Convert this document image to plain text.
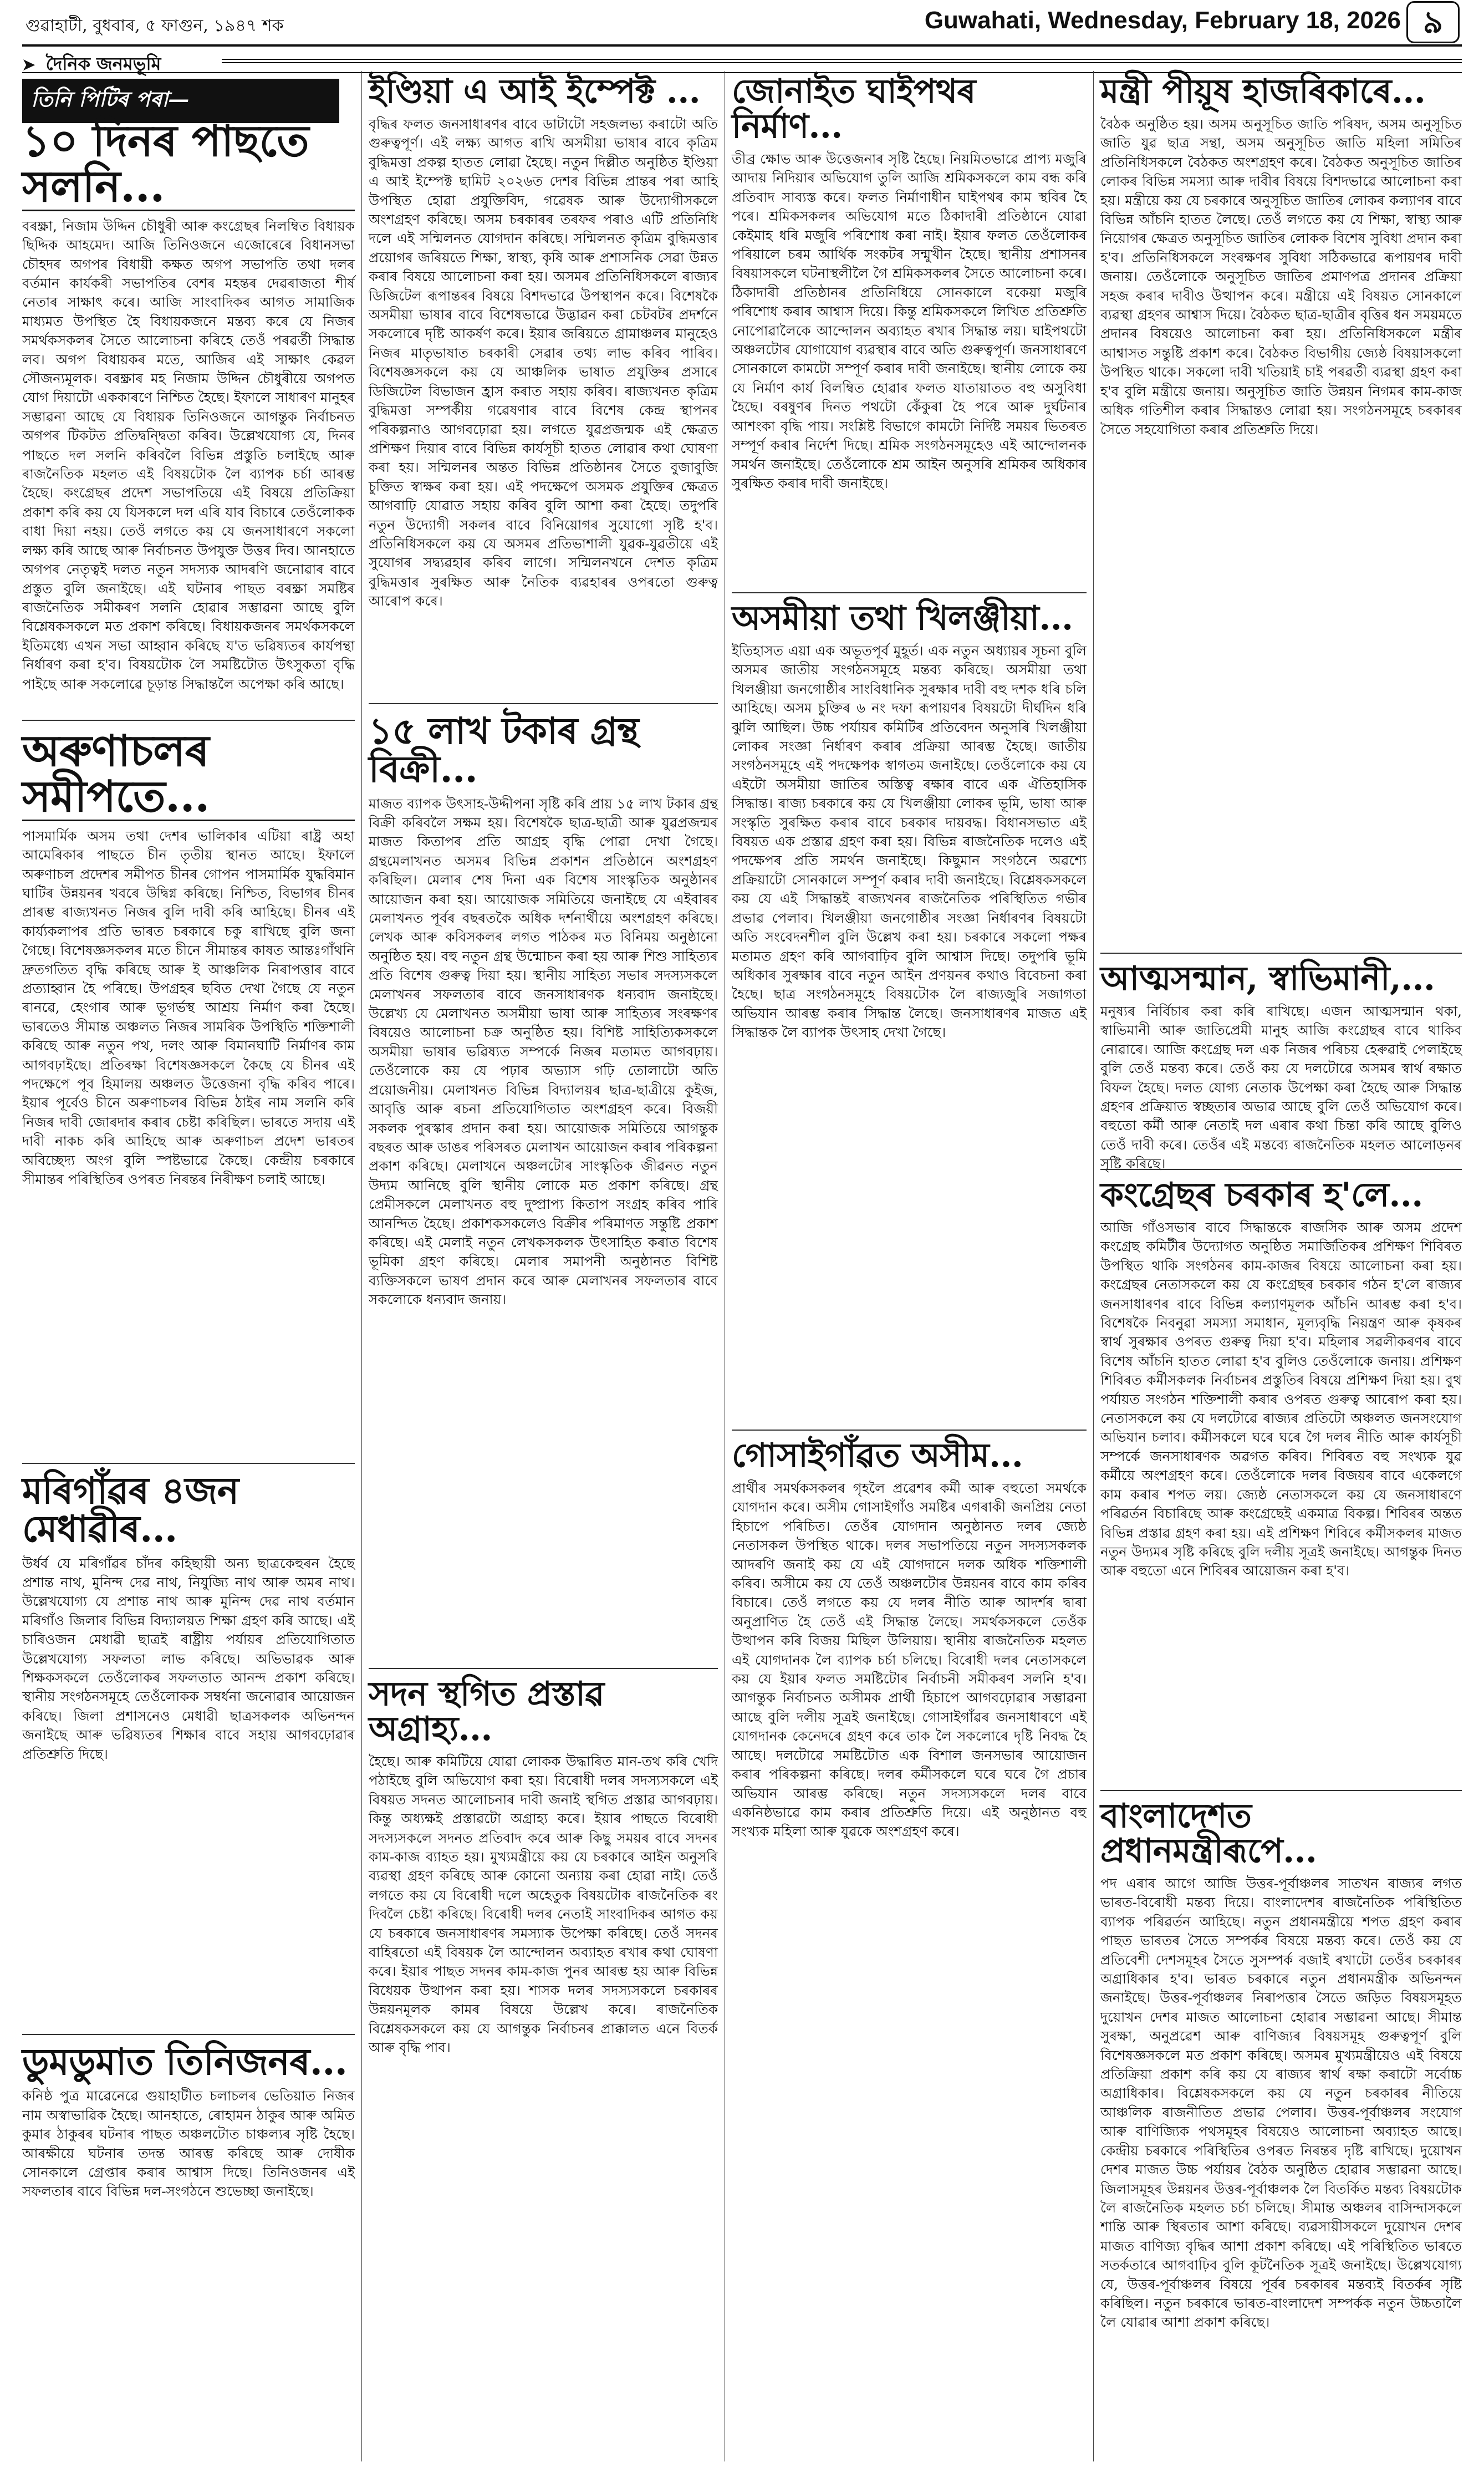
গুৱাহাটী, বুধবাৰ, ৫ ফাগুন, ১৯৪৭ শক	Guwahati, Wednesday, February 18, 2026 ৯
➤ দৈনিক জনমভূমি
তিনি পিটিৰ পৰা—
১০ দিনৰ পাছতে সলনি...
বৰক্ষ্ৰা, নিজাম উদ্দিন চৌধুৰী আৰু কংগ্ৰেছৰ নিলম্বিত বিধায়ক ছিদ্দিক আহমেদ। আজি তিনিওজনে এজোৰেৰে বিধানসভা চৌহদৰ অগপৰ বিধায়ী কক্ষত অগপ সভাপতি তথা দলৰ বৰ্তমান কাৰ্যকৰী সভাপতিৰ বেশৰ মহন্তৰ দেৱৰাজতা শীৰ্ষ নেতাৰ সাক্ষাৎ কৰে। আজি সাংবাদিকৰ আগত সামাজিক মাধ্যমত উপস্থিত হৈ বিধায়কজনে মন্তব্য কৰে যে নিজৰ সমৰ্থকসকলৰ সৈতে আলোচনা কৰিহে তেওঁ পৰৱৰ্তী সিদ্ধান্ত লব। অগপ বিধায়কৰ মতে, আজিৰ এই সাক্ষাৎ কেৱল সৌজন্যমূলক। বৰক্ষ্ৰাৰ মহ নিজাম উদ্দিন চৌধুৰীয়ে অগপত যোগ দিয়াটো এককাৰণে নিশ্চিত হৈছে। ইফালে সাধাৰণ মানুহৰ সম্ভাৱনা আছে যে বিধায়ক তিনিওজনে আগন্তুক নিৰ্বাচনত অগপৰ টিকটত প্ৰতিদ্বন্দ্বিতা কৰিব। উল্লেখযোগ্য যে, দিনৰ পাছতে দল সলনি কৰিবলৈ বিভিন্ন প্ৰস্তুতি চলাইছে আৰু ৰাজনৈতিক মহলত এই বিষয়টোক লৈ ব্যাপক চৰ্চা আৰম্ভ হৈছে। কংগ্ৰেছৰ প্ৰদেশ সভাপতিয়ে এই বিষয়ে প্ৰতিক্ৰিয়া প্ৰকাশ কৰি কয় যে যিসকলে দল এৰি যাব বিচাৰে তেওঁলোকক বাধা দিয়া নহয়। তেওঁ লগতে কয় যে জনসাধাৰণে সকলো লক্ষ্য কৰি আছে আৰু নিৰ্বাচনত উপযুক্ত উত্তৰ দিব। আনহাতে অগপৰ নেতৃত্বই দলত নতুন সদস্যক আদৰণি জনোৱাৰ বাবে প্ৰস্তুত বুলি জনাইছে। এই ঘটনাৰ পাছত বৰক্ষ্ৰা সমষ্টিৰ ৰাজনৈতিক সমীকৰণ সলনি হোৱাৰ সম্ভাৱনা আছে বুলি বিশ্লেষকসকলে মত প্ৰকাশ কৰিছে। বিধায়কজনৰ সমৰ্থকসকলে ইতিমধ্যে এখন সভা আহ্বান কৰিছে য'ত ভৱিষ্যতৰ কাৰ্যপন্থা নিৰ্ধাৰণ কৰা হ'ব। বিষয়টোক লৈ সমষ্টিটোত উৎসুকতা বৃদ্ধি পাইছে আৰু সকলোৱে চূড়ান্ত সিদ্ধান্তলৈ অপেক্ষা কৰি আছে।
অৰুণাচলৰ সমীপতে...
পাসমাৰ্মিক অসম তথা দেশৰ ভালিকাৰ এটিয়া ৰাষ্ট্ৰ অহা আমেৰিকাৰ পাছতে চীন তৃতীয় স্থানত আছে। ইফালে অৰুণাচল প্ৰদেশৰ সমীপত চীনৰ গোপন পাসমাৰ্মিক যুদ্ধবিমান ঘাটিৰ উন্নয়নৰ খবৰে উদ্বিগ্ন কৰিছে। নিশ্চিত, বিভাগৰ চীনৰ প্ৰাৰম্ভ ৰাজ্যখনত নিজৰ বুলি দাবী কৰি আহিছে। চীনৰ এই কাৰ্য্যকলাপৰ প্ৰতি ভাৰত চৰকাৰে চকু ৰাখিছে বুলি জনা গৈছে। বিশেষজ্ঞসকলৰ মতে চীনে সীমান্তৰ কাষত আন্তঃগাঁথনি দ্ৰুতগতিত বৃদ্ধি কৰিছে আৰু ই আঞ্চলিক নিৰাপত্তাৰ বাবে প্ৰত্যাহ্বান হৈ পৰিছে। উপগ্ৰহৰ ছবিত দেখা গৈছে যে নতুন ৰানৱে, হেংগাৰ আৰু ভূগৰ্ভস্থ আশ্ৰয় নিৰ্মাণ কৰা হৈছে। ভাৰতেও সীমান্ত অঞ্চলত নিজৰ সামৰিক উপস্থিতি শক্তিশালী কৰিছে আৰু নতুন পথ, দলং আৰু বিমানঘাটি নিৰ্মাণৰ কাম আগবঢ়াইছে। প্ৰতিৰক্ষা বিশেষজ্ঞসকলে কৈছে যে চীনৰ এই পদক্ষেপে পূব হিমালয় অঞ্চলত উত্তেজনা বৃদ্ধি কৰিব পাৰে। ইয়াৰ পূৰ্বেও চীনে অৰুণাচলৰ বিভিন্ন ঠাইৰ নাম সলনি কৰি নিজৰ দাবী জোৰদাৰ কৰাৰ চেষ্টা কৰিছিল। ভাৰতে সদায় এই দাবী নাকচ কৰি আহিছে আৰু অৰুণাচল প্ৰদেশ ভাৰতৰ অবিচ্ছেদ্য অংগ বুলি স্পষ্টভাৱে কৈছে। কেন্দ্ৰীয় চৰকাৰে সীমান্তৰ পৰিস্থিতিৰ ওপৰত নিৰন্তৰ নিৰীক্ষণ চলাই আছে।
মৰিগাঁৱৰ ৪জন মেধাৱীৰ...
উৰ্ধৰ্ব যে মৰিগাঁৱৰ চাঁদৰ কহিছায়ী অন্য ছাত্ৰকেহুৰন হৈছে প্ৰশান্ত নাথ, মুনিন্দ দেৱ নাথ, নিযুজ্যি নাথ আৰু অমৰ নাথ। উল্লেখযোগ্য যে প্ৰশান্ত নাথ আৰু মুনিন্দ দেৱ নাথ বৰ্তমান মৰিগাঁও জিলাৰ বিভিন্ন বিদ্যালয়ত শিক্ষা গ্ৰহণ কৰি আছে। এই চাৰিওজন মেধাৱী ছাত্ৰই ৰাষ্ট্ৰীয় পৰ্যায়ৰ প্ৰতিযোগিতাত উল্লেখযোগ্য সফলতা লাভ কৰিছে। অভিভাৱক আৰু শিক্ষকসকলে তেওঁলোকৰ সফলতাত আনন্দ প্ৰকাশ কৰিছে। স্থানীয় সংগঠনসমূহে তেওঁলোকক সম্বৰ্ধনা জনোৱাৰ আয়োজন কৰিছে। জিলা প্ৰশাসনেও মেধাৱী ছাত্ৰসকলক অভিনন্দন জনাইছে আৰু ভৱিষ্যতৰ শিক্ষাৰ বাবে সহায় আগবঢ়োৱাৰ প্ৰতিশ্ৰুতি দিছে।
ডুমডুমাত তিনিজনৰ...
কনিষ্ঠ পুত্ৰ মাৱেনেৱে গুয়াহাটীত চলাচলৰ ভেতিয়াত নিজৰ নাম অস্বাভাৱিক হৈছে। আনহাতে, ৰোহামন ঠাকুৰ আৰু অমিত কুমাৰ ঠাকুৰৰ ঘটনাৰ পাছত অঞ্চলটোত চাঞ্চল্যৰ সৃষ্টি হৈছে। আৰক্ষীয়ে ঘটনাৰ তদন্ত আৰম্ভ কৰিছে আৰু দোষীক সোনকালে গ্ৰেপ্তাৰ কৰাৰ আশ্বাস দিছে। তিনিওজনৰ এই সফলতাৰ বাবে বিভিন্ন দল-সংগঠনে শুভেচ্ছা জনাইছে।
ইণ্ডিয়া এ আই ইম্পেক্ট ...
বৃদ্ধিৰ ফলত জনসাধাৰণৰ বাবে ডাটাটো সহজলভ্য কৰাটো অতি গুৰুত্বপূৰ্ণ। এই লক্ষ্য আগত ৰাখি অসমীয়া ভাষাৰ বাবে কৃত্ৰিম বুদ্ধিমত্তা প্ৰকল্প হাতত লোৱা হৈছে। নতুন দিল্লীত অনুষ্ঠিত ইণ্ডিয়া এ আই ইম্পেক্ট ছামিট ২০২৬ত দেশৰ বিভিন্ন প্ৰান্তৰ পৰা আহি উপস্থিত হোৱা প্ৰযুক্তিবিদ, গৱেষক আৰু উদ্যোগীসকলে অংশগ্ৰহণ কৰিছে। অসম চৰকাৰৰ তৰফৰ পৰাও এটি প্ৰতিনিধি দলে এই সন্মিলনত যোগদান কৰিছে। সন্মিলনত কৃত্ৰিম বুদ্ধিমত্তাৰ প্ৰয়োগৰ জৰিয়তে শিক্ষা, স্বাস্থ্য, কৃষি আৰু প্ৰশাসনিক সেৱা উন্নত কৰাৰ বিষয়ে আলোচনা কৰা হয়। অসমৰ প্ৰতিনিধিসকলে ৰাজ্যৰ ডিজিটেল ৰূপান্তৰৰ বিষয়ে বিশদভাৱে উপস্থাপন কৰে। বিশেষকৈ অসমীয়া ভাষাৰ বাবে বিশেষভাৱে উদ্ভাৱন কৰা চেটবটৰ প্ৰদৰ্শনে সকলোৰে দৃষ্টি আকৰ্ষণ কৰে। ইয়াৰ জৰিয়তে গ্ৰামাঞ্চলৰ মানুহেও নিজৰ মাতৃভাষাত চৰকাৰী সেৱাৰ তথ্য লাভ কৰিব পাৰিব। বিশেষজ্ঞসকলে কয় যে আঞ্চলিক ভাষাত প্ৰযুক্তিৰ প্ৰসাৰে ডিজিটেল বিভাজন হ্ৰাস কৰাত সহায় কৰিব। ৰাজ্যখনত কৃত্ৰিম বুদ্ধিমত্তা সম্পৰ্কীয় গৱেষণাৰ বাবে বিশেষ কেন্দ্ৰ স্থাপনৰ পৰিকল্পনাও আগবঢ়োৱা হয়। লগতে যুৱপ্ৰজন্মক এই ক্ষেত্ৰত প্ৰশিক্ষণ দিয়াৰ বাবে বিভিন্ন কাৰ্যসূচী হাতত লোৱাৰ কথা ঘোষণা কৰা হয়। সন্মিলনৰ অন্তত বিভিন্ন প্ৰতিষ্ঠানৰ সৈতে বুজাবুজি চুক্তিত স্বাক্ষৰ কৰা হয়। এই পদক্ষেপে অসমক প্ৰযুক্তিৰ ক্ষেত্ৰত আগবাঢ়ি যোৱাত সহায় কৰিব বুলি আশা কৰা হৈছে। তদুপৰি নতুন উদ্যোগী সকলৰ বাবে বিনিয়োগৰ সুযোগো সৃষ্টি হ'ব। প্ৰতিনিধিসকলে কয় যে অসমৰ প্ৰতিভাশালী যুৱক-যুৱতীয়ে এই সুযোগৰ সদ্ব্যৱহাৰ কৰিব লাগে। সন্মিলনখনে দেশত কৃত্ৰিম বুদ্ধিমত্তাৰ সুৰক্ষিত আৰু নৈতিক ব্যৱহাৰৰ ওপৰতো গুৰুত্ব আৰোপ কৰে।
১৫ লাখ টকাৰ গ্ৰন্থ বিক্ৰী...
মাজত ব্যাপক উৎসাহ-উদ্দীপনা সৃষ্টি কৰি প্ৰায় ১৫ লাখ টকাৰ গ্ৰন্থ বিক্ৰী কৰিবলৈ সক্ষম হয়। বিশেষকৈ ছাত্ৰ-ছাত্ৰী আৰু যুৱপ্ৰজন্মৰ মাজত কিতাপৰ প্ৰতি আগ্ৰহ বৃদ্ধি পোৱা দেখা গৈছে। গ্ৰন্থমেলাখনত অসমৰ বিভিন্ন প্ৰকাশন প্ৰতিষ্ঠানে অংশগ্ৰহণ কৰিছিল। মেলাৰ শেষ দিনা এক বিশেষ সাংস্কৃতিক অনুষ্ঠানৰ আয়োজন কৰা হয়। আয়োজক সমিতিয়ে জনাইছে যে এইবাৰৰ মেলাখনত পূৰ্বৰ বছৰতকৈ অধিক দৰ্শনাৰ্থীয়ে অংশগ্ৰহণ কৰিছে। লেখক আৰু কবিসকলৰ লগত পাঠকৰ মত বিনিময় অনুষ্ঠানো অনুষ্ঠিত হয়। বহু নতুন গ্ৰন্থ উন্মোচন কৰা হয় আৰু শিশু সাহিত্যৰ প্ৰতি বিশেষ গুৰুত্ব দিয়া হয়। স্থানীয় সাহিত্য সভাৰ সদস্যসকলে মেলাখনৰ সফলতাৰ বাবে জনসাধাৰণক ধন্যবাদ জনাইছে। উল্লেখ্য যে মেলাখনত অসমীয়া ভাষা আৰু সাহিত্যৰ সংৰক্ষণৰ বিষয়েও আলোচনা চক্ৰ অনুষ্ঠিত হয়। বিশিষ্ট সাহিত্যিকসকলে অসমীয়া ভাষাৰ ভৱিষ্যত সম্পৰ্কে নিজৰ মতামত আগবঢ়ায়। তেওঁলোকে কয় যে পঢ়াৰ অভ্যাস গঢ়ি তোলাটো অতি প্ৰয়োজনীয়। মেলাখনত বিভিন্ন বিদ্যালয়ৰ ছাত্ৰ-ছাত্ৰীয়ে কুইজ, আবৃত্তি আৰু ৰচনা প্ৰতিযোগিতাত অংশগ্ৰহণ কৰে। বিজয়ী সকলক পুৰস্কাৰ প্ৰদান কৰা হয়। আয়োজক সমিতিয়ে আগন্তুক বছৰত আৰু ডাঙৰ পৰিসৰত মেলাখন আয়োজন কৰাৰ পৰিকল্পনা প্ৰকাশ কৰিছে। মেলাখনে অঞ্চলটোৰ সাংস্কৃতিক জীৱনত নতুন উদ্যম আনিছে বুলি স্থানীয় লোকে মত প্ৰকাশ কৰিছে। গ্ৰন্থ প্ৰেমীসকলে মেলাখনত বহু দুষ্প্ৰাপ্য কিতাপ সংগ্ৰহ কৰিব পাৰি আনন্দিত হৈছে। প্ৰকাশকসকলেও বিক্ৰীৰ পৰিমাণত সন্তুষ্টি প্ৰকাশ কৰিছে। এই মেলাই নতুন লেখকসকলক উৎসাহিত কৰাত বিশেষ ভূমিকা গ্ৰহণ কৰিছে। মেলাৰ সমাপনী অনুষ্ঠানত বিশিষ্ট ব্যক্তিসকলে ভাষণ প্ৰদান কৰে আৰু মেলাখনৰ সফলতাৰ বাবে সকলোকে ধন্যবাদ জনায়।
সদন স্থগিত প্ৰস্তাৱ অগ্ৰাহ্য...
হৈছে। আৰু কমিটিয়ে যোৱা লোকক উদ্ধাৰিত মান-তথ কৰি খেদি পঠাইছে বুলি অভিযোগ কৰা হয়। বিৰোধী দলৰ সদস্যসকলে এই বিষয়ত সদনত আলোচনাৰ দাবী জনাই স্থগিত প্ৰস্তাৱ আগবঢ়ায়। কিন্তু অধ্যক্ষই প্ৰস্তাৱটো অগ্ৰাহ্য কৰে। ইয়াৰ পাছতে বিৰোধী সদস্যসকলে সদনত প্ৰতিবাদ কৰে আৰু কিছু সময়ৰ বাবে সদনৰ কাম-কাজ ব্যাহত হয়। মুখ্যমন্ত্ৰীয়ে কয় যে চৰকাৰে আইন অনুসৰি ব্যৱস্থা গ্ৰহণ কৰিছে আৰু কোনো অন্যায় কৰা হোৱা নাই। তেওঁ লগতে কয় যে বিৰোধী দলে অহেতুক বিষয়টোক ৰাজনৈতিক ৰং দিবলৈ চেষ্টা কৰিছে। বিৰোধী দলৰ নেতাই সাংবাদিকৰ আগত কয় যে চৰকাৰে জনসাধাৰণৰ সমস্যাক উপেক্ষা কৰিছে। তেওঁ সদনৰ বাহিৰতো এই বিষয়ক লৈ আন্দোলন অব্যাহত ৰখাৰ কথা ঘোষণা কৰে। ইয়াৰ পাছত সদনৰ কাম-কাজ পুনৰ আৰম্ভ হয় আৰু বিভিন্ন বিধেয়ক উত্থাপন কৰা হয়। শাসক দলৰ সদস্যসকলে চৰকাৰৰ উন্নয়নমূলক কামৰ বিষয়ে উল্লেখ কৰে। ৰাজনৈতিক বিশ্লেষকসকলে কয় যে আগন্তুক নিৰ্বাচনৰ প্ৰাক্কালত এনে বিতৰ্ক আৰু বৃদ্ধি পাব।
জোনাইত ঘাইপথৰ নিৰ্মাণ...
তীব্ৰ ক্ষোভ আৰু উত্তেজনাৰ সৃষ্টি হৈছে। নিয়মিতভাৱে প্ৰাপ্য মজুৰি আদায় নিদিয়াৰ অভিযোগ তুলি আজি শ্ৰমিকসকলে কাম বন্ধ কৰি প্ৰতিবাদ সাব্যস্ত কৰে। ফলত নিৰ্মাণাধীন ঘাইপথৰ কাম স্থবিৰ হৈ পৰে। শ্ৰমিকসকলৰ অভিযোগ মতে ঠিকাদাৰী প্ৰতিষ্ঠানে যোৱা কেইমাহ ধৰি মজুৰি পৰিশোধ কৰা নাই। ইয়াৰ ফলত তেওঁলোকৰ পৰিয়ালে চৰম আৰ্থিক সংকটৰ সন্মুখীন হৈছে। স্থানীয় প্ৰশাসনৰ বিষয়াসকলে ঘটনাস্থলীলৈ গৈ শ্ৰমিকসকলৰ সৈতে আলোচনা কৰে। ঠিকাদাৰী প্ৰতিষ্ঠানৰ প্ৰতিনিধিয়ে সোনকালে বকেয়া মজুৰি পৰিশোধ কৰাৰ আশ্বাস দিয়ে। কিন্তু শ্ৰমিকসকলে লিখিত প্ৰতিশ্ৰুতি নোপোৱালৈকে আন্দোলন অব্যাহত ৰখাৰ সিদ্ধান্ত লয়। ঘাইপথটো অঞ্চলটোৰ যোগাযোগ ব্যৱস্থাৰ বাবে অতি গুৰুত্বপূৰ্ণ। জনসাধাৰণে সোনকালে কামটো সম্পূৰ্ণ কৰাৰ দাবী জনাইছে। স্থানীয় লোকে কয় যে নিৰ্মাণ কাৰ্য বিলম্বিত হোৱাৰ ফলত যাতায়াতত বহু অসুবিধা হৈছে। বৰষুণৰ দিনত পথটো কেঁকুৰা হৈ পৰে আৰু দুৰ্ঘটনাৰ আশংকা বৃদ্ধি পায়। সংশ্লিষ্ট বিভাগে কামটো নিৰ্দিষ্ট সময়ৰ ভিতৰত সম্পূৰ্ণ কৰাৰ নিৰ্দেশ দিছে। শ্ৰমিক সংগঠনসমূহেও এই আন্দোলনক সমৰ্থন জনাইছে। তেওঁলোকে শ্ৰম আইন অনুসৰি শ্ৰমিকৰ অধিকাৰ সুৰক্ষিত কৰাৰ দাবী জনাইছে।
অসমীয়া তথা খিলঞ্জীয়া...
ইতিহাসত এয়া এক অভূতপূৰ্ব মুহূৰ্ত। এক নতুন অধ্যায়ৰ সূচনা বুলি অসমৰ জাতীয় সংগঠনসমূহে মন্তব্য কৰিছে। অসমীয়া তথা খিলঞ্জীয়া জনগোষ্ঠীৰ সাংবিধানিক সুৰক্ষাৰ দাবী বহু দশক ধৰি চলি আহিছে। অসম চুক্তিৰ ৬ নং দফা ৰূপায়ণৰ বিষয়টো দীৰ্ঘদিন ধৰি ঝুলি আছিল। উচ্চ পৰ্যায়ৰ কমিটিৰ প্ৰতিবেদন অনুসৰি খিলঞ্জীয়া লোকৰ সংজ্ঞা নিৰ্ধাৰণ কৰাৰ প্ৰক্ৰিয়া আৰম্ভ হৈছে। জাতীয় সংগঠনসমূহে এই পদক্ষেপক স্বাগতম জনাইছে। তেওঁলোকে কয় যে এইটো অসমীয়া জাতিৰ অস্তিত্ব ৰক্ষাৰ বাবে এক ঐতিহাসিক সিদ্ধান্ত। ৰাজ্য চৰকাৰে কয় যে খিলঞ্জীয়া লোকৰ ভূমি, ভাষা আৰু সংস্কৃতি সুৰক্ষিত কৰাৰ বাবে চৰকাৰ দায়বদ্ধ। বিধানসভাত এই বিষয়ত এক প্ৰস্তাৱ গ্ৰহণ কৰা হয়। বিভিন্ন ৰাজনৈতিক দলেও এই পদক্ষেপৰ প্ৰতি সমৰ্থন জনাইছে। কিছুমান সংগঠনে অৱশ্যে প্ৰক্ৰিয়াটো সোনকালে সম্পূৰ্ণ কৰাৰ দাবী জনাইছে। বিশ্লেষকসকলে কয় যে এই সিদ্ধান্তই ৰাজ্যখনৰ ৰাজনৈতিক পৰিস্থিতিত গভীৰ প্ৰভাৱ পেলাব। খিলঞ্জীয়া জনগোষ্ঠীৰ সংজ্ঞা নিৰ্ধাৰণৰ বিষয়টো অতি সংবেদনশীল বুলি উল্লেখ কৰা হয়। চৰকাৰে সকলো পক্ষৰ মতামত গ্ৰহণ কৰি আগবাঢ়িব বুলি আশ্বাস দিছে। তদুপৰি ভূমি অধিকাৰ সুৰক্ষাৰ বাবে নতুন আইন প্ৰণয়নৰ কথাও বিবেচনা কৰা হৈছে। ছাত্ৰ সংগঠনসমূহে বিষয়টোক লৈ ৰাজ্যজুৰি সজাগতা অভিযান আৰম্ভ কৰাৰ সিদ্ধান্ত লৈছে। জনসাধাৰণৰ মাজত এই সিদ্ধান্তক লৈ ব্যাপক উৎসাহ দেখা গৈছে।
গোসাইগাঁৱত অসীম...
প্ৰাৰ্থীৰ সমৰ্থকসকলৰ গৃহলৈ প্ৰৱেশৰ কৰ্মী আৰু বহুতো সমৰ্থকে যোগদান কৰে। অসীম গোসাইগাঁও সমষ্টিৰ এগৰাকী জনপ্ৰিয় নেতা হিচাপে পৰিচিত। তেওঁৰ যোগদান অনুষ্ঠানত দলৰ জ্যেষ্ঠ নেতাসকল উপস্থিত থাকে। দলৰ সভাপতিয়ে নতুন সদস্যসকলক আদৰণি জনাই কয় যে এই যোগদানে দলক অধিক শক্তিশালী কৰিব। অসীমে কয় যে তেওঁ অঞ্চলটোৰ উন্নয়নৰ বাবে কাম কৰিব বিচাৰে। তেওঁ লগতে কয় যে দলৰ নীতি আৰু আদৰ্শৰ দ্বাৰা অনুপ্ৰাণিত হৈ তেওঁ এই সিদ্ধান্ত লৈছে। সমৰ্থকসকলে তেওঁক উত্থাপন কৰি বিজয় মিছিল উলিয়ায়। স্থানীয় ৰাজনৈতিক মহলত এই যোগদানক লৈ ব্যাপক চৰ্চা চলিছে। বিৰোধী দলৰ নেতাসকলে কয় যে ইয়াৰ ফলত সমষ্টিটোৰ নিৰ্বাচনী সমীকৰণ সলনি হ'ব। আগন্তুক নিৰ্বাচনত অসীমক প্ৰাৰ্থী হিচাপে আগবঢ়োৱাৰ সম্ভাৱনা আছে বুলি দলীয় সূত্ৰই জনাইছে। গোসাইগাঁৱৰ জনসাধাৰণে এই যোগদানক কেনেদৰে গ্ৰহণ কৰে তাক লৈ সকলোৰে দৃষ্টি নিবদ্ধ হৈ আছে। দলটোৱে সমষ্টিটোত এক বিশাল জনসভাৰ আয়োজন কৰাৰ পৰিকল্পনা কৰিছে। দলৰ কৰ্মীসকলে ঘৰে ঘৰে গৈ প্ৰচাৰ অভিযান আৰম্ভ কৰিছে। নতুন সদস্যসকলে দলৰ বাবে একনিষ্ঠভাৱে কাম কৰাৰ প্ৰতিশ্ৰুতি দিয়ে। এই অনুষ্ঠানত বহু সংখ্যক মহিলা আৰু যুৱকে অংশগ্ৰহণ কৰে।
মন্ত্ৰী পীয়ূষ হাজৰিকাৰে...
বৈঠক অনুষ্ঠিত হয়। অসম অনুসূচিত জাতি পৰিষদ, অসম অনুসূচিত জাতি যুৱ ছাত্ৰ সন্থা, অসম অনুসূচিত জাতি মহিলা সমিতিৰ প্ৰতিনিধিসকলে বৈঠকত অংশগ্ৰহণ কৰে। বৈঠকত অনুসূচিত জাতিৰ লোকৰ বিভিন্ন সমস্যা আৰু দাবীৰ বিষয়ে বিশদভাৱে আলোচনা কৰা হয়। মন্ত্ৰীয়ে কয় যে চৰকাৰে অনুসূচিত জাতিৰ লোকৰ কল্যাণৰ বাবে বিভিন্ন আঁচনি হাতত লৈছে। তেওঁ লগতে কয় যে শিক্ষা, স্বাস্থ্য আৰু নিয়োগৰ ক্ষেত্ৰত অনুসূচিত জাতিৰ লোকক বিশেষ সুবিধা প্ৰদান কৰা হ'ব। প্ৰতিনিধিসকলে সংৰক্ষণৰ সুবিধা সঠিকভাৱে ৰূপায়ণৰ দাবী জনায়। তেওঁলোকে অনুসূচিত জাতিৰ প্ৰমাণপত্ৰ প্ৰদানৰ প্ৰক্ৰিয়া সহজ কৰাৰ দাবীও উত্থাপন কৰে। মন্ত্ৰীয়ে এই বিষয়ত সোনকালে ব্যৱস্থা গ্ৰহণৰ আশ্বাস দিয়ে। বৈঠকত ছাত্ৰ-ছাত্ৰীৰ বৃত্তিৰ ধন সময়মতে প্ৰদানৰ বিষয়েও আলোচনা কৰা হয়। প্ৰতিনিধিসকলে মন্ত্ৰীৰ আশ্বাসত সন্তুষ্টি প্ৰকাশ কৰে। বৈঠকত বিভাগীয় জ্যেষ্ঠ বিষয়াসকলো উপস্থিত থাকে। সকলো দাবী খতিয়াই চাই পৰৱৰ্তী ব্যৱস্থা গ্ৰহণ কৰা হ'ব বুলি মন্ত্ৰীয়ে জনায়। অনুসূচিত জাতি উন্নয়ন নিগমৰ কাম-কাজ অধিক গতিশীল কৰাৰ সিদ্ধান্তও লোৱা হয়। সংগঠনসমূহে চৰকাৰৰ সৈতে সহযোগিতা কৰাৰ প্ৰতিশ্ৰুতি দিয়ে।
আত্মসন্মান, স্বাভিমানী,...
মনুষ্যৰ নিৰ্বিচাৰ কৰা কৰি ৰাখিছে। এজন আত্মসন্মান থকা, স্বাভিমানী আৰু জাতিপ্ৰেমী মানুহ আজি কংগ্ৰেছৰ বাবে থাকিব নোৱাৰে। আজি কংগ্ৰেছ দল এক নিজৰ পৰিচয় হেৰুৱাই পেলাইছে বুলি তেওঁ মন্তব্য কৰে। তেওঁ কয় যে দলটোৱে অসমৰ স্বাৰ্থ ৰক্ষাত বিফল হৈছে। দলত যোগ্য নেতাক উপেক্ষা কৰা হৈছে আৰু সিদ্ধান্ত গ্ৰহণৰ প্ৰক্ৰিয়াত স্বচ্ছতাৰ অভাৱ আছে বুলি তেওঁ অভিযোগ কৰে। বহুতো কৰ্মী আৰু নেতাই দল এৰাৰ কথা চিন্তা কৰি আছে বুলিও তেওঁ দাবী কৰে। তেওঁৰ এই মন্তব্যে ৰাজনৈতিক মহলত আলোড়নৰ সৃষ্টি কৰিছে।
কংগ্ৰেছৰ চৰকাৰ হ'লে...
আজি গাঁওসভাৰ বাবে সিদ্ধান্তকে ৰাজসিক আৰু অসম প্ৰদেশ কংগ্ৰেছ কমিটীৰ উদ্যোগত অনুষ্ঠিত সমাৰ্জিতিকৰ প্ৰশিক্ষণ শিবিৰত উপস্থিত থাকি সংগঠনৰ কাম-কাজৰ বিষয়ে আলোচনা কৰা হয়। কংগ্ৰেছৰ নেতাসকলে কয় যে কংগ্ৰেছৰ চৰকাৰ গঠন হ'লে ৰাজ্যৰ জনসাধাৰণৰ বাবে বিভিন্ন কল্যাণমূলক আঁচনি আৰম্ভ কৰা হ'ব। বিশেষকৈ নিবনুৱা সমস্যা সমাধান, মূল্যবৃদ্ধি নিয়ন্ত্ৰণ আৰু কৃষকৰ স্বাৰ্থ সুৰক্ষাৰ ওপৰত গুৰুত্ব দিয়া হ'ব। মহিলাৰ সৱলীকৰণৰ বাবে বিশেষ আঁচনি হাতত লোৱা হ'ব বুলিও তেওঁলোকে জনায়। প্ৰশিক্ষণ শিবিৰত কৰ্মীসকলক নিৰ্বাচনৰ প্ৰস্তুতিৰ বিষয়ে প্ৰশিক্ষণ দিয়া হয়। বুথ পৰ্যায়ত সংগঠন শক্তিশালী কৰাৰ ওপৰত গুৰুত্ব আৰোপ কৰা হয়। নেতাসকলে কয় যে দলটোৱে ৰাজ্যৰ প্ৰতিটো অঞ্চলত জনসংযোগ অভিযান চলাব। কৰ্মীসকলে ঘৰে ঘৰে গৈ দলৰ নীতি আৰু কাৰ্যসূচী সম্পৰ্কে জনসাধাৰণক অৱগত কৰিব। শিবিৰত বহু সংখ্যক যুৱ কৰ্মীয়ে অংশগ্ৰহণ কৰে। তেওঁলোকে দলৰ বিজয়ৰ বাবে একেলগে কাম কৰাৰ শপত লয়। জ্যেষ্ঠ নেতাসকলে কয় যে জনসাধাৰণে পৰিৱৰ্তন বিচাৰিছে আৰু কংগ্ৰেছেই একমাত্ৰ বিকল্প। শিবিৰৰ অন্তত বিভিন্ন প্ৰস্তাৱ গ্ৰহণ কৰা হয়। এই প্ৰশিক্ষণ শিবিৰে কৰ্মীসকলৰ মাজত নতুন উদ্যমৰ সৃষ্টি কৰিছে বুলি দলীয় সূত্ৰই জনাইছে। আগন্তুক দিনত আৰু বহুতো এনে শিবিৰৰ আয়োজন কৰা হ'ব।
বাংলাদেশত প্ৰধানমন্ত্ৰীৰূপে...
পদ এৰাৰ আগে আজি উত্তৰ-পূৰ্বাঞ্চলৰ সাতখন ৰাজ্যৰ লগত ভাৰত-বিৰোধী মন্তব্য দিয়ে। বাংলাদেশৰ ৰাজনৈতিক পৰিস্থিতিত ব্যাপক পৰিৱৰ্তন আহিছে। নতুন প্ৰধানমন্ত্ৰীয়ে শপত গ্ৰহণ কৰাৰ পাছত ভাৰতৰ সৈতে সম্পৰ্কৰ বিষয়ে মন্তব্য কৰে। তেওঁ কয় যে প্ৰতিবেশী দেশসমূহৰ সৈতে সুসম্পৰ্ক বজাই ৰখাটো তেওঁৰ চৰকাৰৰ অগ্ৰাধিকাৰ হ'ব। ভাৰত চৰকাৰে নতুন প্ৰধানমন্ত্ৰীক অভিনন্দন জনাইছে। উত্তৰ-পূৰ্বাঞ্চলৰ নিৰাপত্তাৰ সৈতে জড়িত বিষয়সমূহত দুয়োখন দেশৰ মাজত আলোচনা হোৱাৰ সম্ভাৱনা আছে। সীমান্ত সুৰক্ষা, অনুপ্ৰৱেশ আৰু বাণিজ্যৰ বিষয়সমূহ গুৰুত্বপূৰ্ণ বুলি বিশেষজ্ঞসকলে মত প্ৰকাশ কৰিছে। অসমৰ মুখ্যমন্ত্ৰীয়েও এই বিষয়ে প্ৰতিক্ৰিয়া প্ৰকাশ কৰি কয় যে ৰাজ্যৰ স্বাৰ্থ ৰক্ষা কৰাটো সৰ্বোচ্চ অগ্ৰাধিকাৰ। বিশ্লেষকসকলে কয় যে নতুন চৰকাৰৰ নীতিয়ে আঞ্চলিক ৰাজনীতিত প্ৰভাৱ পেলাব। উত্তৰ-পূৰ্বাঞ্চলৰ সংযোগ আৰু বাণিজ্যিক পথসমূহৰ বিষয়েও আলোচনা অব্যাহত আছে। কেন্দ্ৰীয় চৰকাৰে পৰিস্থিতিৰ ওপৰত নিৰন্তৰ দৃষ্টি ৰাখিছে। দুয়োখন দেশৰ মাজত উচ্চ পৰ্যায়ৰ বৈঠক অনুষ্ঠিত হোৱাৰ সম্ভাৱনা আছে। জিলাসমূহৰ উন্নয়নৰ উত্তৰ-পূৰ্বাঞ্চলক লৈ বিতৰ্কিত মন্তব্য বিষয়টোক লৈ ৰাজনৈতিক মহলত চৰ্চা চলিছে। সীমান্ত অঞ্চলৰ বাসিন্দাসকলে শান্তি আৰু স্থিৰতাৰ আশা কৰিছে। ব্যৱসায়ীসকলে দুয়োখন দেশৰ মাজত বাণিজ্য বৃদ্ধিৰ আশা প্ৰকাশ কৰিছে। এই পৰিস্থিতিত ভাৰতে সতৰ্কতাৰে আগবাঢ়িব বুলি কূটনৈতিক সূত্ৰই জনাইছে। উল্লেখযোগ্য যে, উত্তৰ-পূৰ্বাঞ্চলৰ বিষয়ে পূৰ্বৰ চৰকাৰৰ মন্তব্যই বিতৰ্কৰ সৃষ্টি কৰিছিল। নতুন চৰকাৰে ভাৰত-বাংলাদেশ সম্পৰ্কক নতুন উচ্চতালৈ লৈ যোৱাৰ আশা প্ৰকাশ কৰিছে।
